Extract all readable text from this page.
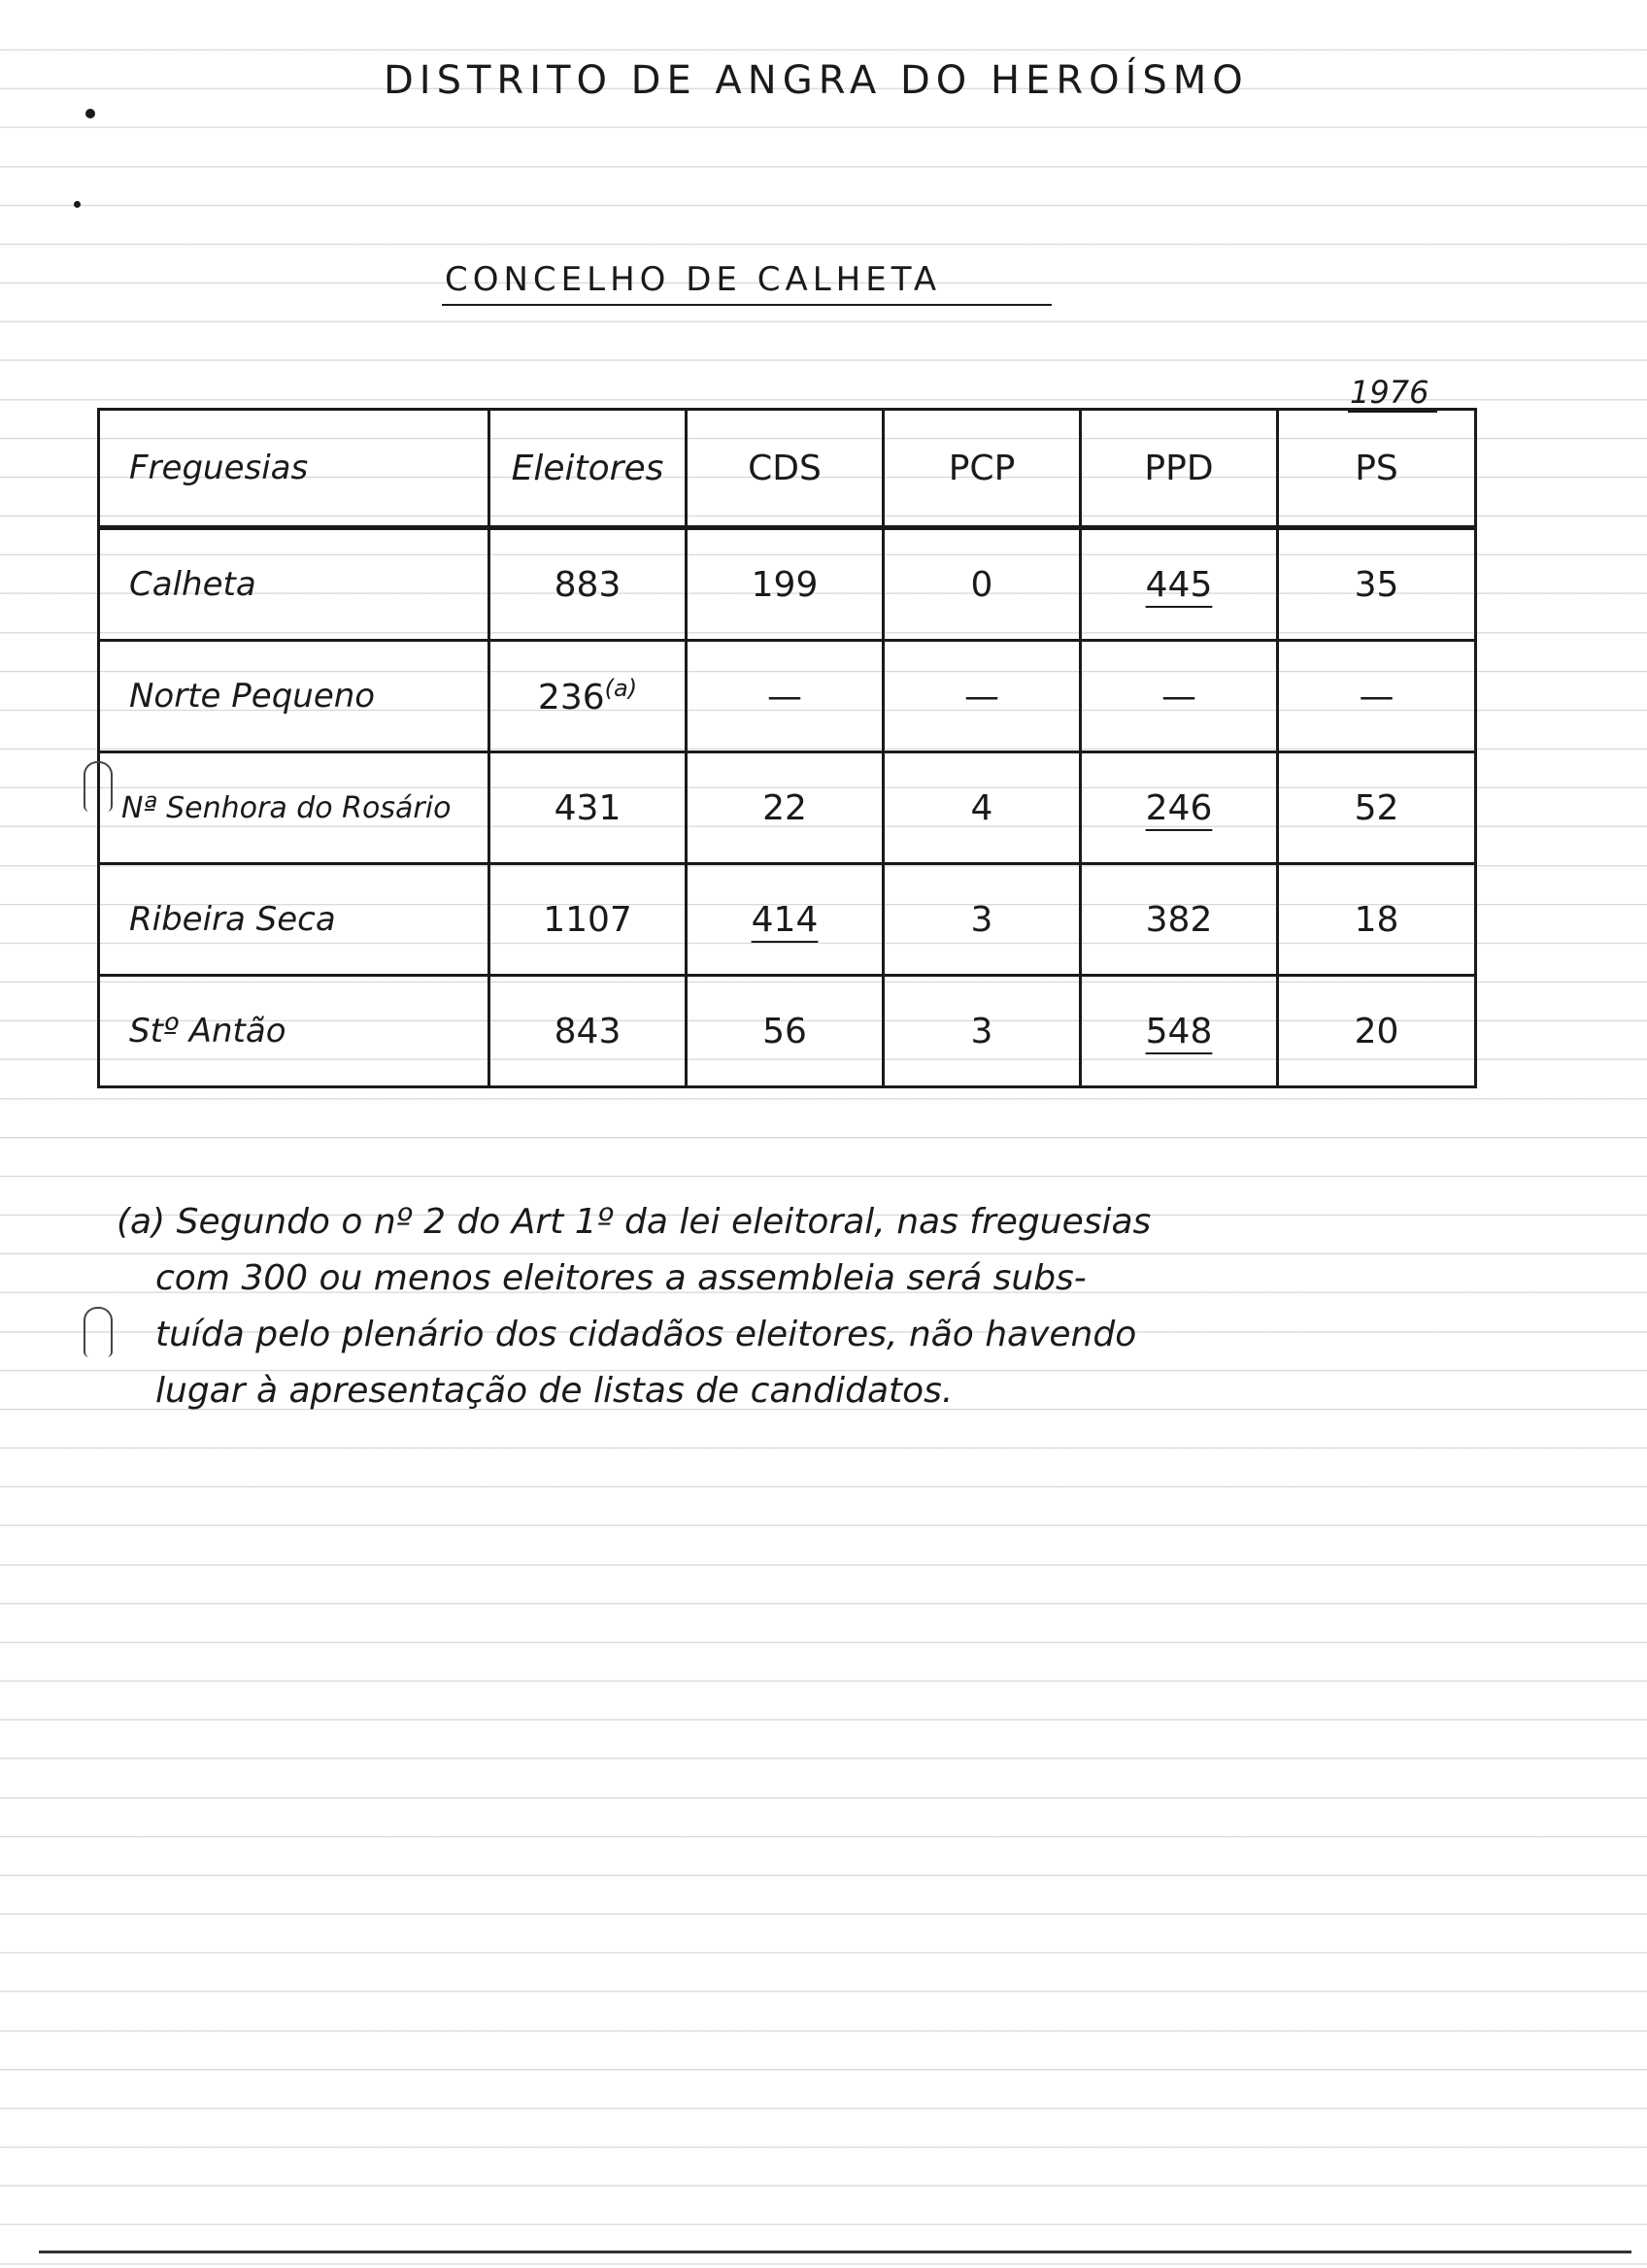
DISTRITO DE ANGRA DO HEROÍSMO
CONCELHO DE CALHETA
1976
Freguesias	Eleitores	CDS	PCP	PPD	PS
Calheta	883	199	0	445	35
Norte Pequeno	236$^{(a)}$	—	—	—	—
Nª Senhora do Rosário	431	22	4	246	52
Ribeira Seca	1107	414	3	382	18
Stº Antão	843	56	3	548	20

(a) Segundo o nº 2 do Art 1º da lei eleitoral, nas freguesias

com 300 ou menos eleitores a assembleia será subs-

tuída pelo plenário dos cidadãos eleitores, não havendo

lugar à apresentação de listas de candidatos.
